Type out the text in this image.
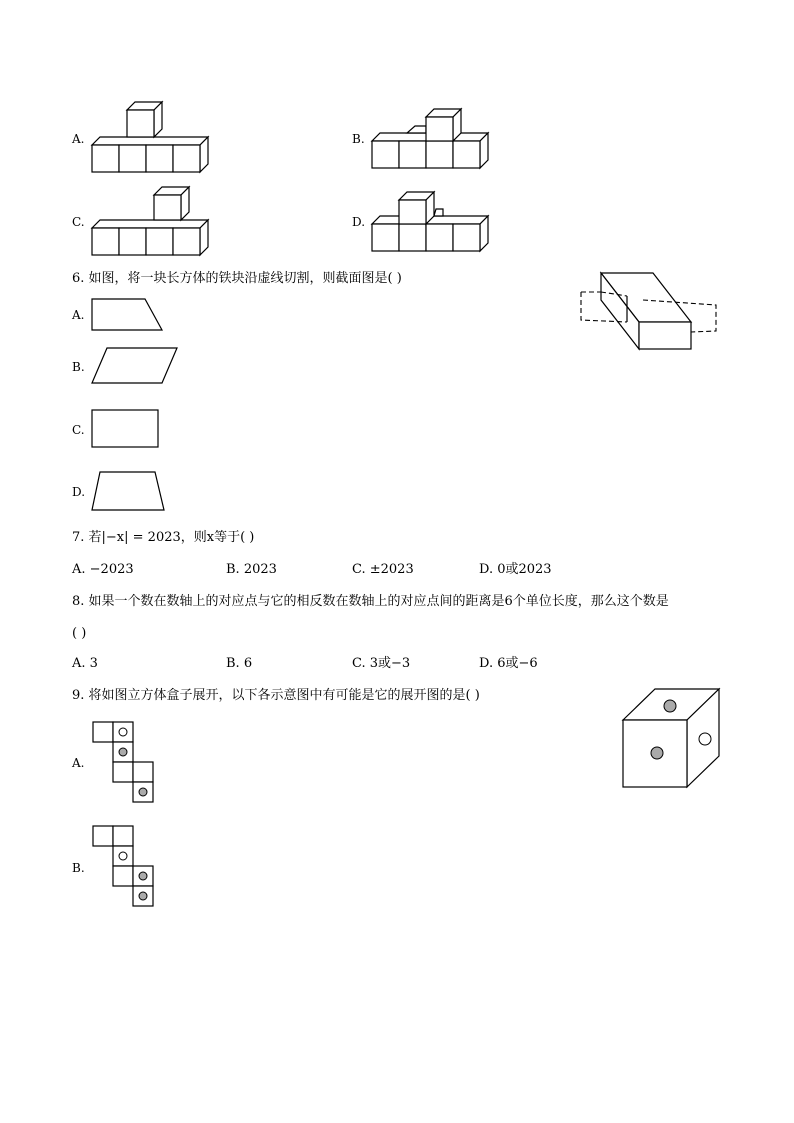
A.	B.
C.	D.
6. 如图，将一块长方体的铁块沿虚线切割，则截面图是( )
A.
B.
C.
D.
7. 若|−x| = 2023，则x等于( )
A. −2023	B. 2023	C. ±2023	D. 0或2023
8. 如果一个数在数轴上的对应点与它的相反数在数轴上的对应点间的距离是6个单位长度，那么这个数是
( )
A. 3	B. 6	C. 3或−3	D. 6或−6
9. 将如图立方体盒子展开，以下各示意图中有可能是它的展开图的是( )
A.
B.
